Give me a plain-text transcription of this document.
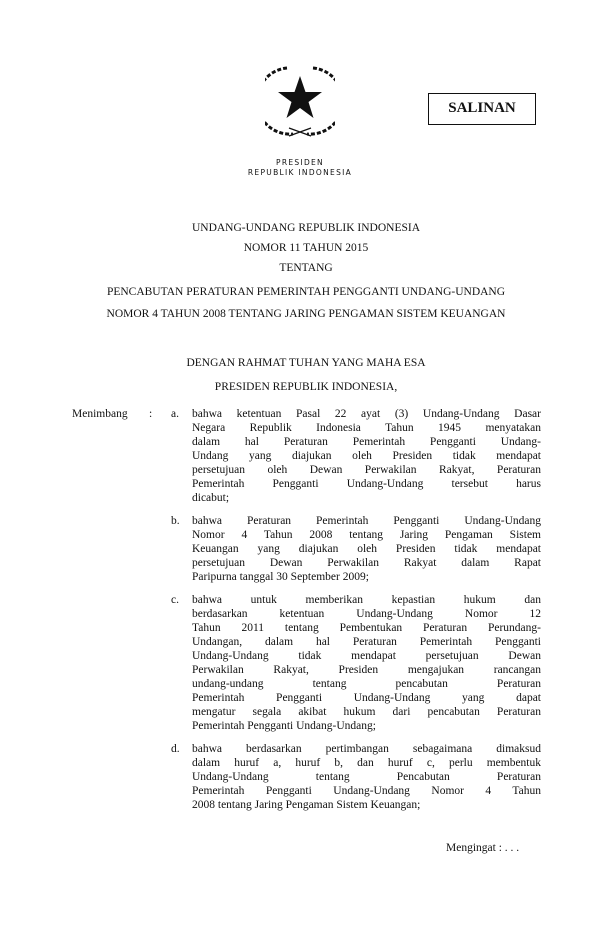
SALINAN
PRESIDEN
REPUBLIK INDONESIA
UNDANG-UNDANG REPUBLIK INDONESIA
NOMOR 11 TAHUN 2015
TENTANG
PENCABUTAN PERATURAN PEMERINTAH PENGGANTI UNDANG-UNDANG
NOMOR 4 TAHUN 2008 TENTANG JARING PENGAMAN SISTEM KEUANGAN
DENGAN RAHMAT TUHAN YANG MAHA ESA
PRESIDEN REPUBLIK INDONESIA,
Menimbang	:	a.	bahwa ketentuan Pasal 22 ayat (3) Undang-Undang Dasar
Negara Republik Indonesia Tahun 1945 menyatakan
dalam hal Peraturan Pemerintah Pengganti Undang-
Undang yang diajukan oleh Presiden tidak mendapat
persetujuan oleh Dewan Perwakilan Rakyat, Peraturan
Pemerintah Pengganti Undang-Undang tersebut harus
dicabut;
b.	bahwa Peraturan Pemerintah Pengganti Undang-Undang
Nomor 4 Tahun 2008 tentang Jaring Pengaman Sistem
Keuangan yang diajukan oleh Presiden tidak mendapat
persetujuan Dewan Perwakilan Rakyat dalam Rapat
Paripurna tanggal 30 September 2009;
c.	bahwa untuk memberikan kepastian hukum dan
berdasarkan ketentuan Undang-Undang Nomor 12
Tahun 2011 tentang Pembentukan Peraturan Perundang-
Undangan, dalam hal Peraturan Pemerintah Pengganti
Undang-Undang tidak mendapat persetujuan Dewan
Perwakilan Rakyat, Presiden mengajukan rancangan
undang-undang tentang pencabutan Peraturan
Pemerintah Pengganti Undang-Undang yang dapat
mengatur segala akibat hukum dari pencabutan Peraturan
Pemerintah Pengganti Undang-Undang;
d.	bahwa berdasarkan pertimbangan sebagaimana dimaksud
dalam huruf a, huruf b, dan huruf c, perlu membentuk
Undang-Undang tentang Pencabutan Peraturan
Pemerintah Pengganti Undang-Undang Nomor 4 Tahun
2008 tentang Jaring Pengaman Sistem Keuangan;
Mengingat : . . .
